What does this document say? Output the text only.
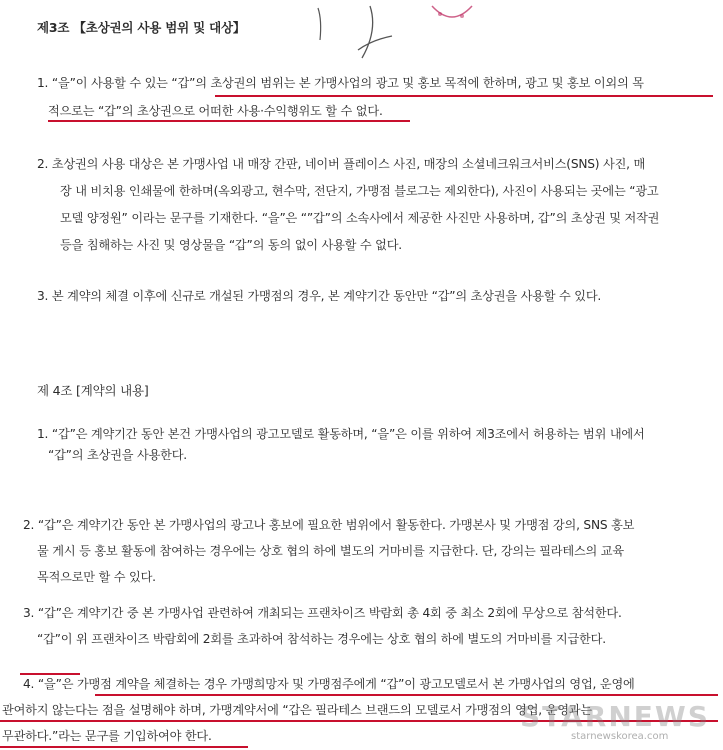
제3조 【초상권의 사용 범위 및 대상】
1. “을”이 사용할 수 있는 “갑”의 초상권의 범위는 본 가맹사업의 광고 및 홍보 목적에 한하며, 광고 및 홍보 이외의 목
적으로는 “갑”의 초상권으로 어떠한 사용·수익행위도 할 수 없다.
2. 초상권의 사용 대상은 본 가맹사업 내 매장 간판, 네이버 플레이스 사진, 매장의 소셜네크워크서비스(SNS) 사진, 매
장 내 비치용 인쇄물에 한하며(옥외광고, 현수막, 전단지, 가맹점 블로그는 제외한다), 사진이 사용되는 곳에는 “광고
모델 양정원” 이라는 문구를 기재한다. “을”은 “”갑”의 소속사에서 제공한 사진만 사용하며, 갑”의 초상권 및 저작권
등을 침해하는 사진 및 영상물을 “갑”의 동의 없이 사용할 수 없다.
3. 본 계약의 체결 이후에 신규로 개설된 가맹점의 경우, 본 계약기간 동안만 “갑”의 초상권을 사용할 수 있다.
제 4조 [계약의 내용]
1. “갑”은 계약기간 동안 본건 가맹사업의 광고모델로 활동하며, “을”은 이를 위하여 제3조에서 허용하는 범위 내에서
“갑”의 초상권을 사용한다.
2. “갑”은 계약기간 동안 본 가맹사업의 광고나 홍보에 필요한 범위에서 활동한다. 가맹본사 및 가맹점 강의, SNS 홍보
물 게시 등 홍보 활동에 참여하는 경우에는 상호 협의 하에 별도의 거마비를 지급한다. 단, 강의는 필라테스의 교육
목적으로만 할 수 있다.
3. “갑”은 계약기간 중 본 가맹사업 관련하여 개최되는 프랜차이즈 박람회 총 4회 중 최소 2회에 무상으로 참석한다.
“갑”이 위 프랜차이즈 박람회에 2회를 초과하여 참석하는 경우에는 상호 협의 하에 별도의 거마비를 지급한다.
4. “을”은 가맹점 계약을 체결하는 경우 가맹희망자 및 가맹점주에게 “갑”이 광고모델로서 본 가맹사업의 영업, 운영에
관여하지 않는다는 점을 설명해야 하며, 가맹계약서에 “갑은 필라테스 브랜드의 모델로서 가맹점의 영업, 운영과는
무관하다.”라는 문구를 기입하여야 한다.
STARNEWS
starnewskorea.com
